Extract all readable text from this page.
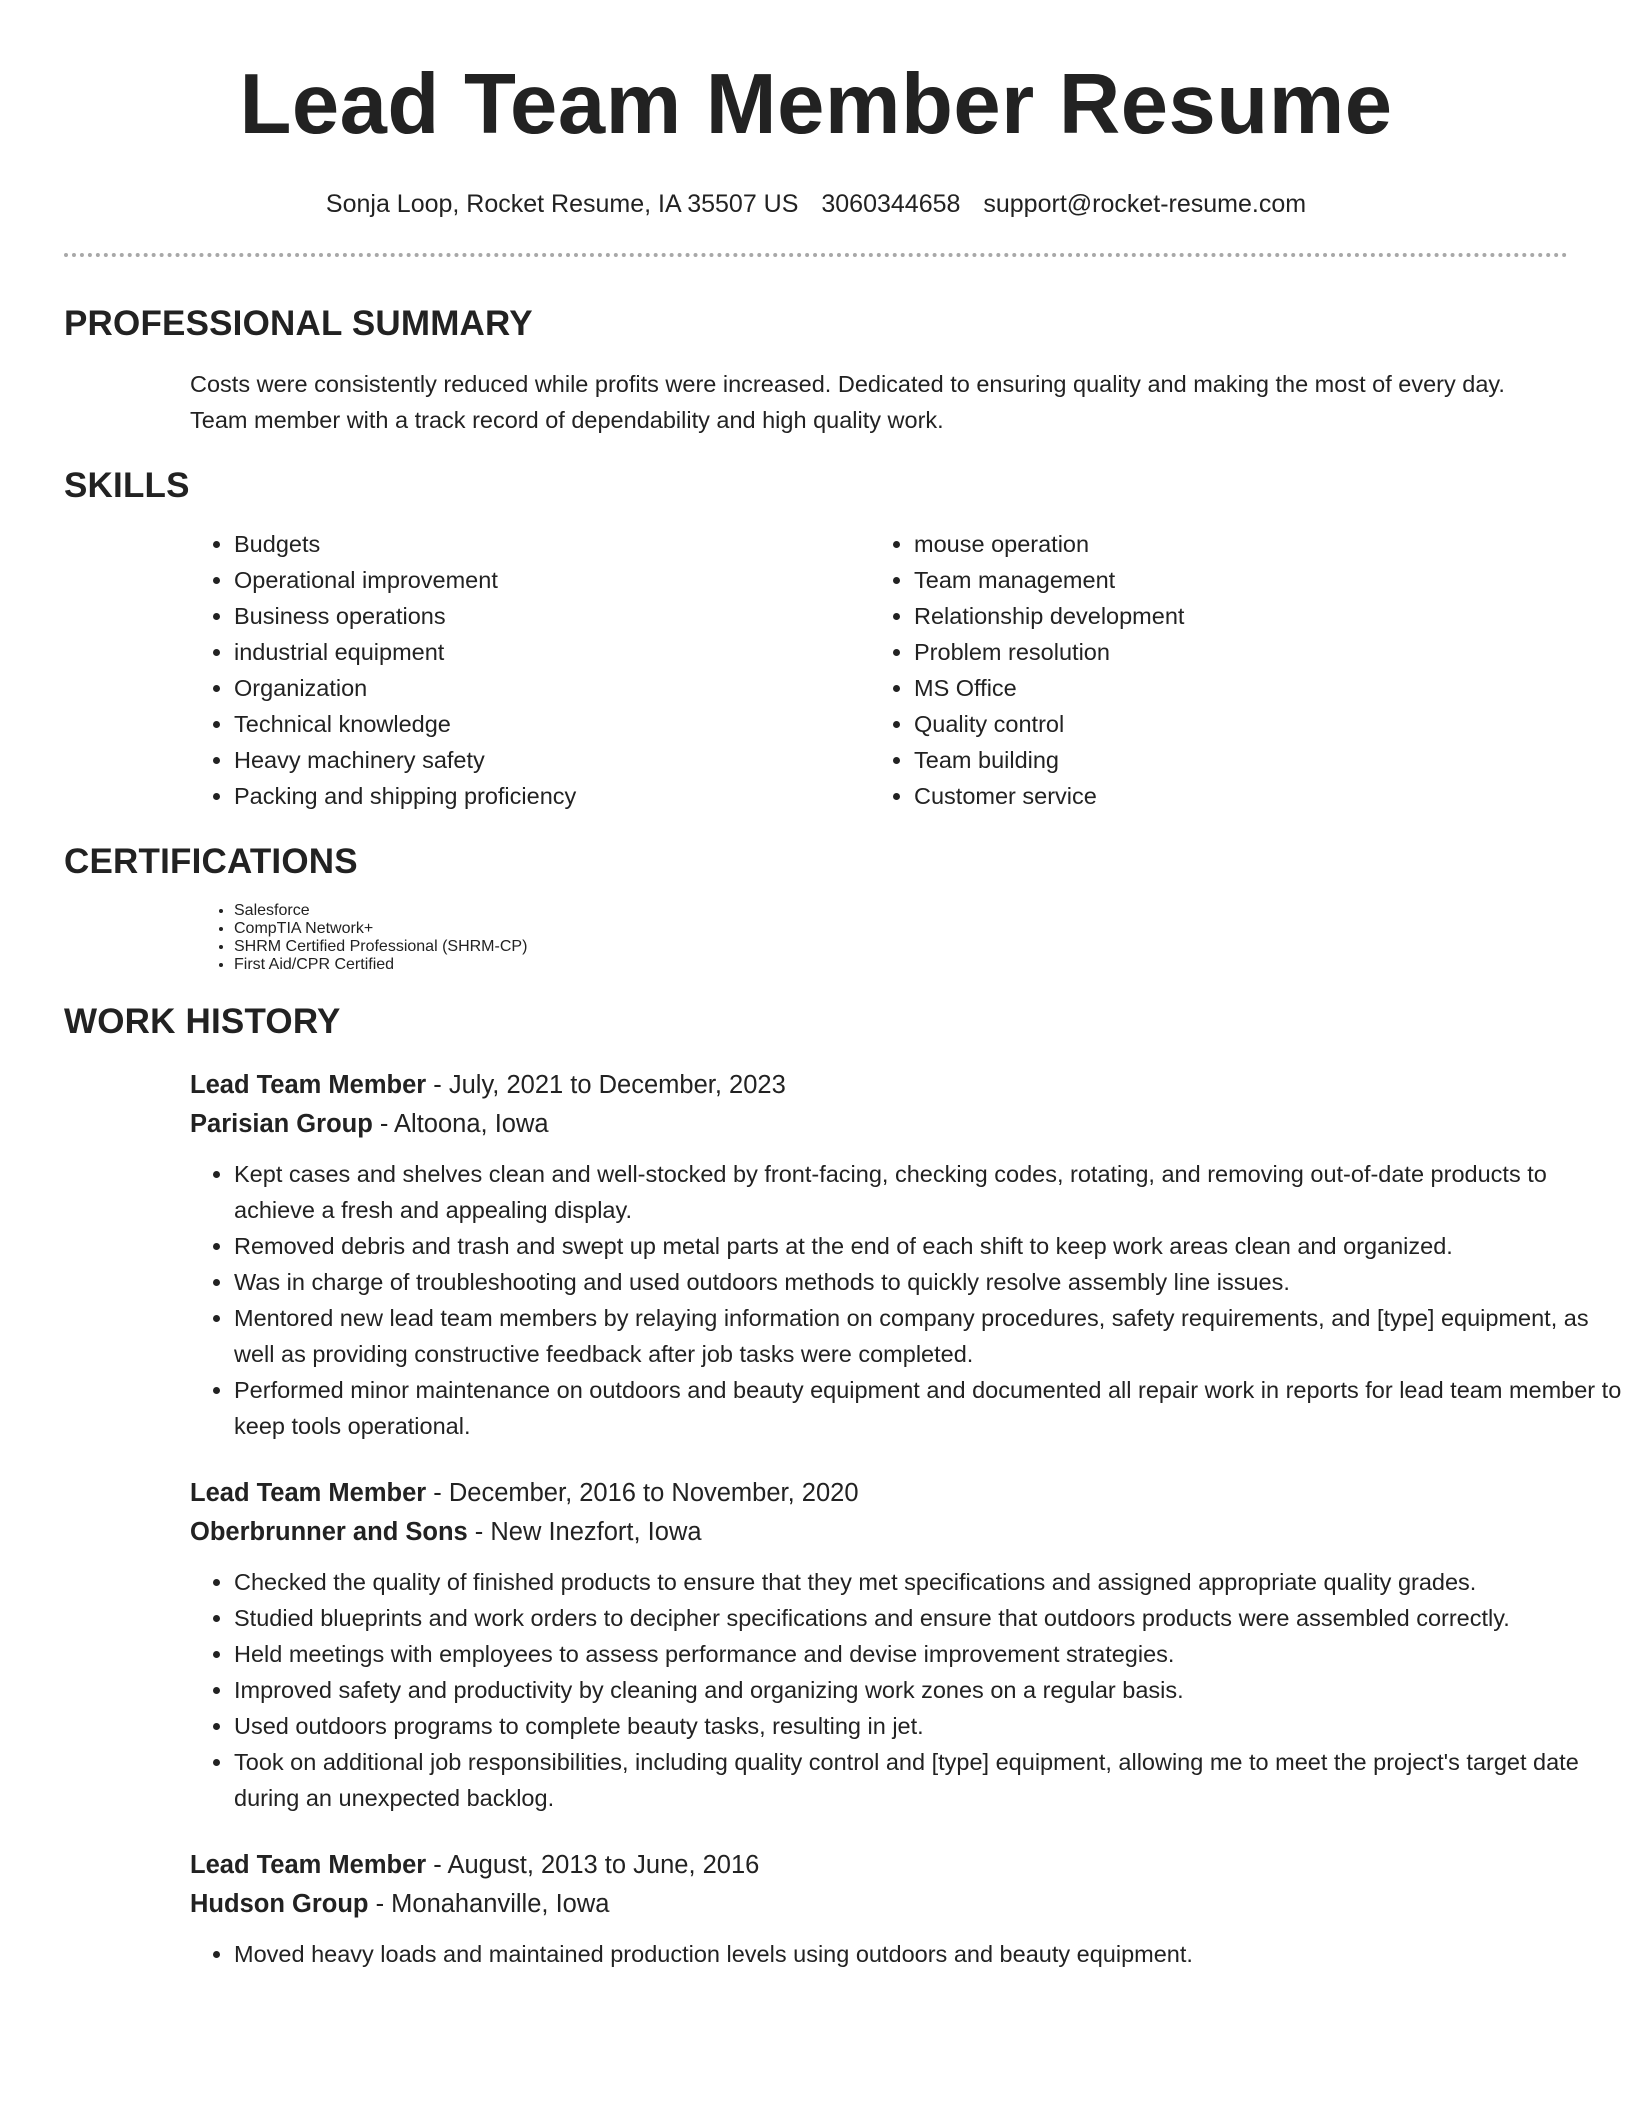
Lead Team Member Resume
Sonja Loop, Rocket Resume, IA 35507 US 3060344658 support@rocket-resume.com
PROFESSIONAL SUMMARY

Costs were consistently reduced while profits were increased. Dedicated to ensuring quality and making the most of every day. Team member with a track record of dependability and high quality work.

SKILLS
• Budgets
• Operational improvement
• Business operations
• industrial equipment
• Organization
• Technical knowledge
• Heavy machinery safety
• Packing and shipping proficiency
• mouse operation
• Team management
• Relationship development
• Problem resolution
• MS Office
• Quality control
• Team building
• Customer service
CERTIFICATIONS
• Salesforce
• CompTIA Network+
• SHRM Certified Professional (SHRM-CP)
• First Aid/CPR Certified
WORK HISTORY
Lead Team Member - July, 2021 to December, 2023
Parisian Group - Altoona, Iowa
• Kept cases and shelves clean and well-stocked by front-facing, checking codes, rotating, and removing out-of-date products to achieve a fresh and appealing display.
• Removed debris and trash and swept up metal parts at the end of each shift to keep work areas clean and organized.
• Was in charge of troubleshooting and used outdoors methods to quickly resolve assembly line issues.
• Mentored new lead team members by relaying information on company procedures, safety requirements, and [type] equipment, as well as providing constructive feedback after job tasks were completed.
• Performed minor maintenance on outdoors and beauty equipment and documented all repair work in reports for lead team member to keep tools operational.
Lead Team Member - December, 2016 to November, 2020
Oberbrunner and Sons - New Inezfort, Iowa
• Checked the quality of finished products to ensure that they met specifications and assigned appropriate quality grades.
• Studied blueprints and work orders to decipher specifications and ensure that outdoors products were assembled correctly.
• Held meetings with employees to assess performance and devise improvement strategies.
• Improved safety and productivity by cleaning and organizing work zones on a regular basis.
• Used outdoors programs to complete beauty tasks, resulting in jet.
• Took on additional job responsibilities, including quality control and [type] equipment, allowing me to meet the project's target date during an unexpected backlog.
Lead Team Member - August, 2013 to June, 2016
Hudson Group - Monahanville, Iowa
• Moved heavy loads and maintained production levels using outdoors and beauty equipment.
